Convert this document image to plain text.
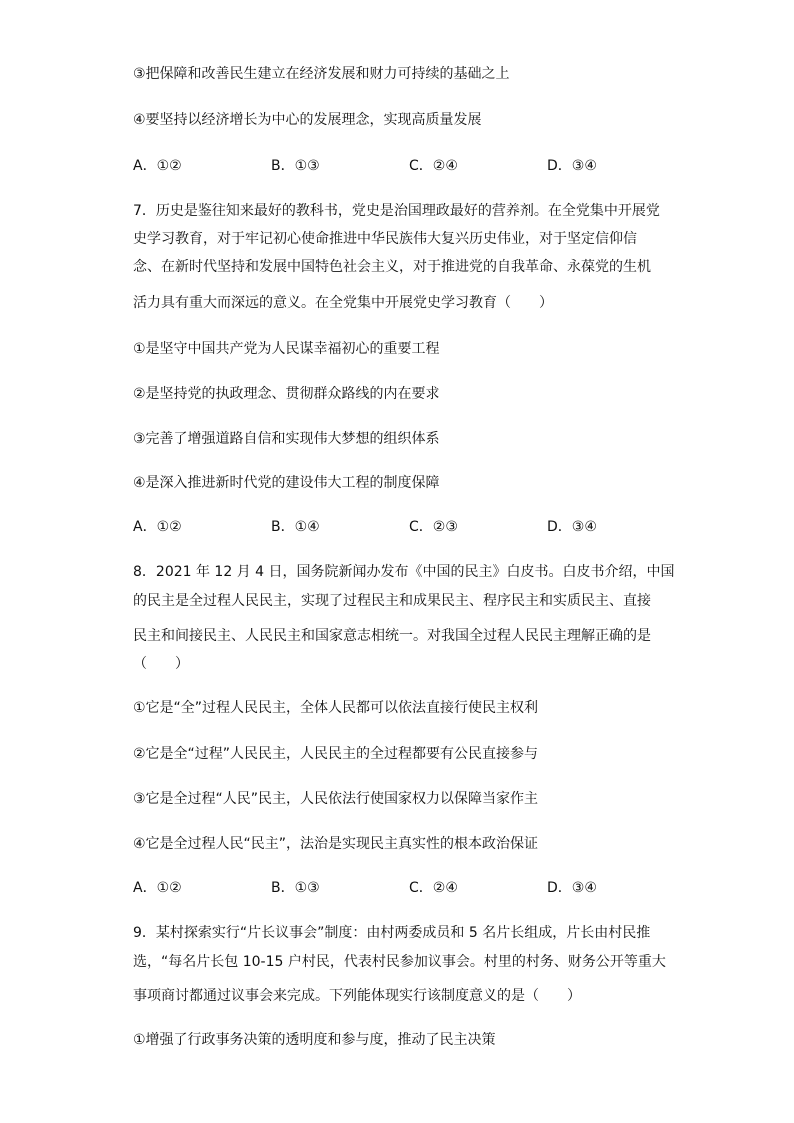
③把保障和改善民生建立在经济发展和财力可持续的基础之上
④要坚持以经济增长为中心的发展理念，实现高质量发展
A．①②	B．①③	C．②④	D．③④
7．历史是鉴往知来最好的教科书，党史是治国理政最好的营养剂。在全党集中开展党
史学习教育，对于牢记初心使命推进中华民族伟大复兴历史伟业，对于坚定信仰信
念、在新时代坚持和发展中国特色社会主义，对于推进党的自我革命、永葆党的生机
活力具有重大而深远的意义。在全党集中开展党史学习教育（　　）
①是坚守中国共产党为人民谋幸福初心的重要工程
②是坚持党的执政理念、贯彻群众路线的内在要求
③完善了增强道路自信和实现伟大梦想的组织体系
④是深入推进新时代党的建设伟大工程的制度保障
A．①②	B．①④	C．②③	D．③④
8．2021 年 12 月 4 日，国务院新闻办发布《中国的民主》白皮书。白皮书介绍，中国
的民主是全过程人民民主，实现了过程民主和成果民主、程序民主和实质民主、直接
民主和间接民主、人民民主和国家意志相统一。对我国全过程人民民主理解正确的是
（　　）
①它是“全”过程人民民主，全体人民都可以依法直接行使民主权利
②它是全“过程”人民民主，人民民主的全过程都要有公民直接参与
③它是全过程“人民”民主，人民依法行使国家权力以保障当家作主
④它是全过程人民“民主”，法治是实现民主真实性的根本政治保证
A．①②	B．①③	C．②④	D．③④
9．某村探索实行“片长议事会”制度：由村两委成员和 5 名片长组成，片长由村民推
选，“每名片长包 10-15 户村民，代表村民参加议事会。村里的村务、财务公开等重大
事项商讨都通过议事会来完成。下列能体现实行该制度意义的是（　　）
①增强了行政事务决策的透明度和参与度，推动了民主决策
